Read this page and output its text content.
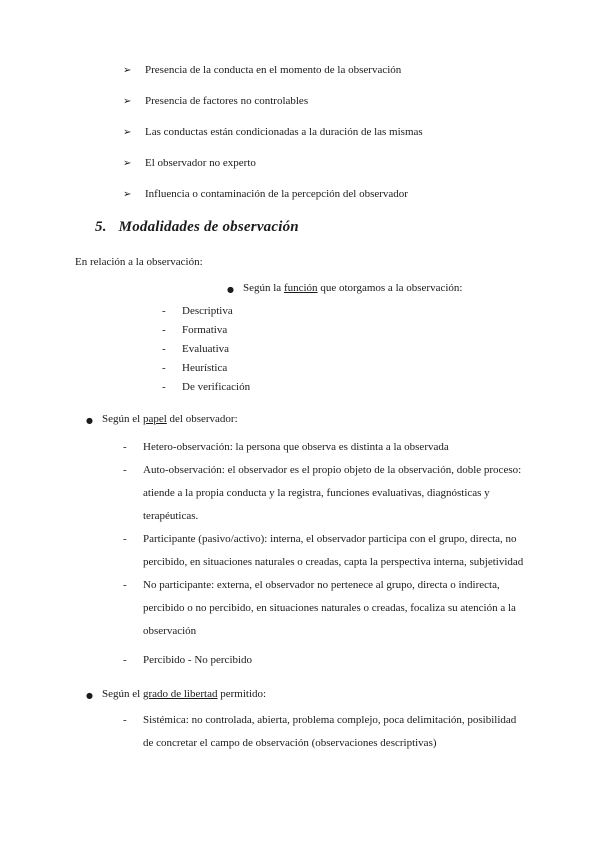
➢	Presencia de la conducta en el momento de la observación
➢	Presencia de factores no controlables
➢	Las conductas están condicionadas a la duración de las mismas
➢	El observador no experto
➢	Influencia o contaminación de la percepción del observador
5. Modalidades de observación

En relación a la observación:

● Según la función que otorgamos a la observación:
-	Descriptiva
-	Formativa
-	Evaluativa
-	Heurística
-	De verificación
● Según el papel del observador:
-	Hetero-observación: la persona que observa es distinta a la observada
-	Auto-observación: el observador es el propio objeto de la observación, doble proceso: atiende a la propia conducta y la registra, funciones evaluativas, diagnósticas y terapéuticas.
-	Participante (pasivo/activo): interna, el observador participa con el grupo, directa, no percibido, en situaciones naturales o creadas, capta la perspectiva interna, subjetividad
-	No participante: externa, el observador no pertenece al grupo, directa o indirecta, percibido o no percibido, en situaciones naturales o creadas, focaliza su atención a la observación
-	Percibido - No percibido
● Según el grado de libertad permitido:
-	Sistémica: no controlada, abierta, problema complejo, poca delimitación, posibilidad de concretar el campo de observación (observaciones descriptivas)
